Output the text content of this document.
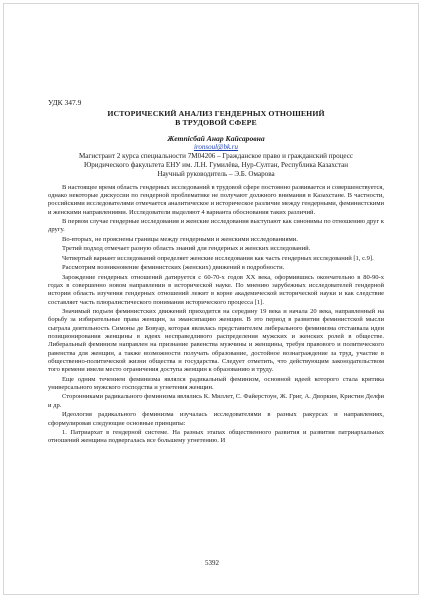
УДК 347.9
ИСТОРИЧЕСКИЙ АНАЛИЗ ГЕНДЕРНЫХ ОТНОШЕНИЙ
В ТРУДОВОЙ СФЕРЕ
Жетпісбай Анар Кайсаровна
ironsoul@bk.ru
Магистрант 2 курса специальности 7М04206 – Гражданское право и гражданский процесс
Юридического факультета ЕНУ им. Л.Н. Гумилёва, Нур-Султан, Республика Казахстан
Научный руководитель – Э.Б. Омарова

В настоящее время область гендерных исследований в трудовой сфере постоянно развивается и совершенствуется, однако некоторые дискуссии по гендерной проблематике не получают должного внимания в Казахстане. В частности, российскими исследователями отмечается аналитическое и историческое различие между гендерными, феминистскими и женскими направлениями. Исследователи выделяют 4 варианта обоснования таких различий.

В первом случае гендерные исследования и женские исследования выступают как синонимы по отношению друг к другу.

Во-вторых, не прояснены границы между гендерными и женскими исследованиями.

Третий подход отмечает разную область знаний для гендерных и женских исследований.

Четвертый вариант исследований определяет женские исследования как часть гендерных исследований [1, с.9].

Рассмотрим возникновение феминистских (женских) движений в подробности.

Зарождение гендерных отношений датируется с 60-70-х годов XX века, оформившись окончательно в 80-90-х годах в совершенно новом направлении в исторической науке. По мнению зарубежных исследователей гендерной истории область изучения гендерных отношений лежит в корне академической исторической науки и как следствие составляет часть плюралистического понимания исторического процесса [1].

Значимый подъем феминистских движений приходится на середину 19 века и начала 20 века, направленный на борьбу за избирательные права женщин, за эмансипацию женщин. В это период в развитии феминистской мысли сыграла деятельность Симоны де Бовуар, которая являлась представителем либерального феминизма отстаивала идеи позиционирования женщины в идеях несправедливого распределения мужских и женских ролей в обществе. Либеральный феминизм направлен на признание равенства мужчины и женщины, требуя правового и политического равенства для женщин, а также возможности получать образование, достойное вознаграждение за труд, участие в общественно-политической жизни общества и государства. Следует отметить, что действующим законодательством того времени имели место ограничения доступа женщин к образованию и труду.

Еще одним течением феминизма являлся радикальный феминизм, основной идеей которого стала критика универсального мужского господства и угнетения женщин.

Сторонниками радикального феминизма являлись К. Миллет, С. Файерстоун, Ж. Григ, А. Дворкин, Кристин Делфи и др.

Идеология радикального феминизма изучалась исследователями в разных ракурсах и направлениях, сформулировав следующие основные принципы:

1. Патриархат в гендерной системе. На разных этапах общественного развития и развития патриархальных отношений женщина подвергалась все большему угнетению. И

5392
